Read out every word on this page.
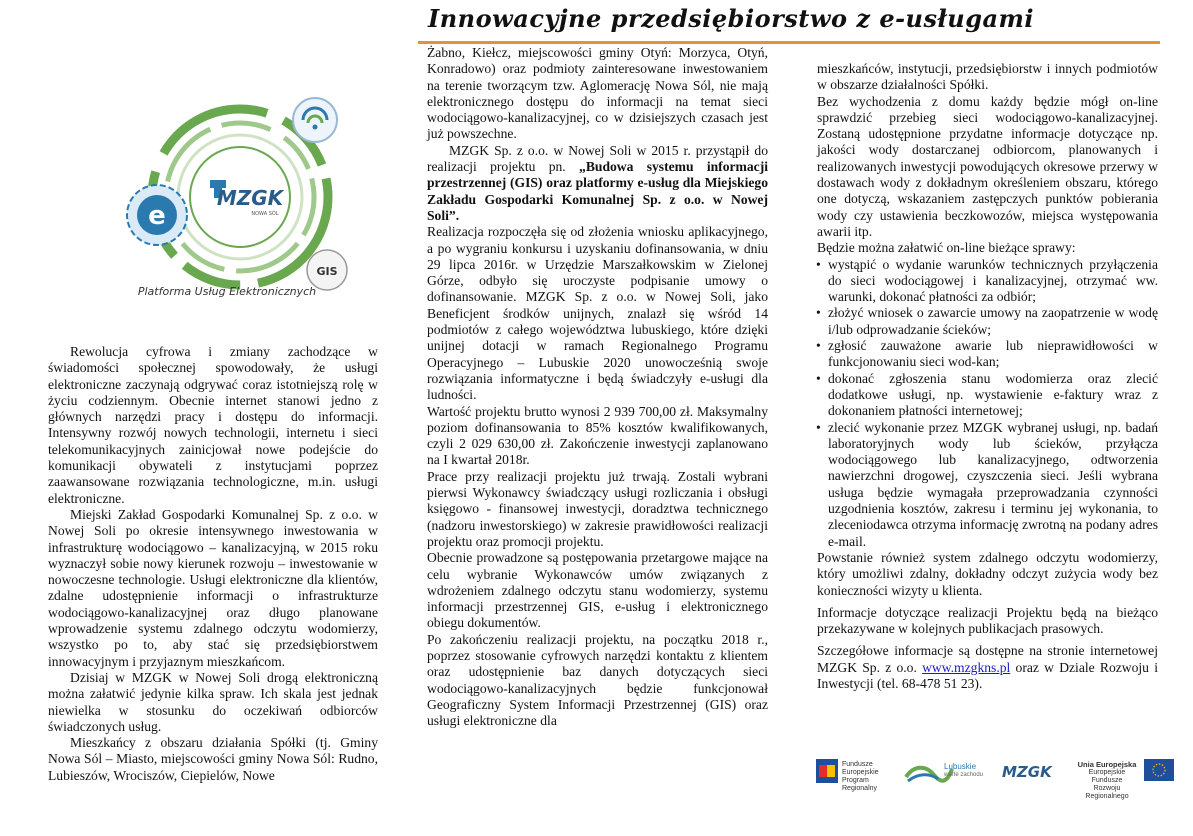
Innowacyjne przedsiębiorstwo z e-usługami
e
GIS
MZGK
NOWA SÓL
Platforma Usług Elektronicznych

Rewolucja cyfrowa i zmiany zachodzące w świadomości społecznej spowodowały, że usługi elektroniczne zaczynają odgrywać coraz istotniejszą rolę w życiu codziennym. Obecnie internet stanowi jedno z głównych narzędzi pracy i dostępu do informacji. Intensywny rozwój nowych technologii, internetu i sieci telekomunikacyjnych zainicjował nowe podejście do komunikacji obywateli z instytucjami poprzez zaawansowane rozwiązania technologiczne, m.in. usługi elektroniczne.

Miejski Zakład Gospodarki Komunalnej Sp. z o.o. w Nowej Soli po okresie intensywnego inwestowania w infrastrukturę wodociągowo – kanalizacyjną, w 2015 roku wyznaczył sobie nowy kierunek rozwoju – inwestowanie w nowoczesne technologie. Usługi elektroniczne dla klientów, zdalne udostępnienie informacji o infrastrukturze wodociągowo-kanalizacyjnej oraz długo planowane wprowadzenie systemu zdalnego odczytu wodomierzy, wszystko po to, aby stać się przedsiębiorstwem innowacyjnym i przyjaznym mieszkańcom.

Dzisiaj w MZGK w Nowej Soli drogą elektroniczną można załatwić jedynie kilka spraw. Ich skala jest jednak niewielka w stosunku do oczekiwań odbiorców świadczonych usług.

Mieszkańcy z obszaru działania Spółki (tj. Gminy Nowa Sól – Miasto, miejscowości gminy Nowa Sól: Rudno, Lubieszów, Wrociszów, Ciepielów, Nowe

Żabno, Kiełcz, miejscowości gminy Otyń: Morzyca, Otyń, Konradowo) oraz podmioty zainteresowane inwestowaniem na terenie tworzącym tzw. Aglomerację Nowa Sól, nie mają elektronicznego dostępu do informacji na temat sieci wodociągowo-kanalizacyjnej, co w dzisiejszych czasach jest już powszechne.

MZGK Sp. z o.o. w Nowej Soli w 2015 r. przystąpił do realizacji projektu pn. „Budowa systemu informacji przestrzennej (GIS) oraz platformy e-usług dla Miejskiego Zakładu Gospodarki Komunalnej Sp. z o.o. w Nowej Soli”.

Realizacja rozpoczęła się od złożenia wniosku aplikacyjnego, a po wygraniu konkursu i uzyskaniu dofinansowania, w dniu 29 lipca 2016r. w Urzędzie Marszałkowskim w Zielonej Górze, odbyło się uroczyste podpisanie umowy o dofinansowanie. MZGK Sp. z o.o. w Nowej Soli, jako Beneficjent środków unijnych, znalazł się wśród 14 podmiotów z całego województwa lubuskiego, które dzięki unijnej dotacji w ramach Regionalnego Programu Operacyjnego – Lubuskie 2020 unowocześnią swoje rozwiązania informatyczne i będą świadczyły e-usługi dla ludności.

Wartość projektu brutto wynosi 2 939 700,00 zł. Maksymalny poziom dofinansowania to 85% kosztów kwalifikowanych, czyli 2 029 630,00 zł. Zakończenie inwestycji zaplanowano na I kwartał 2018r.

Prace przy realizacji projektu już trwają. Zostali wybrani pierwsi Wykonawcy świadczący usługi rozliczania i obsługi księgowo - finansowej inwestycji, doradztwa technicznego (nadzoru inwestorskiego) w zakresie prawidłowości realizacji projektu oraz promocji projektu.

Obecnie prowadzone są postępowania przetargowe mające na celu wybranie Wykonawców umów związanych z wdrożeniem zdalnego odczytu stanu wodomierzy, systemu informacji przestrzennej GIS, e-usług i elektronicznego obiegu dokumentów.

Po zakończeniu realizacji projektu, na początku 2018 r., poprzez stosowanie cyfrowych narzędzi kontaktu z klientem oraz udostępnienie baz danych dotyczących sieci wodociągowo-kanalizacyjnych będzie funkcjonował Geograficzny System Informacji Przestrzennej (GIS) oraz usługi elektroniczne dla

mieszkańców, instytucji, przedsiębiorstw i innych podmiotów w obszarze działalności Spółki.

Bez wychodzenia z domu każdy będzie mógł on-line sprawdzić przebieg sieci wodociągowo-kanalizacyjnej. Zostaną udostępnione przydatne informacje dotyczące np. jakości wody dostarczanej odbiorcom, planowanych i realizowanych inwestycji powodujących okresowe przerwy w dostawach wody z dokładnym określeniem obszaru, którego one dotyczą, wskazaniem zastępczych punktów pobierania wody czy ustawienia beczkowozów, miejsca występowania awarii itp.

Będzie można załatwić on-line bieżące sprawy:

• wystąpić o wydanie warunków technicznych przyłączenia do sieci wodociągowej i kanalizacyjnej, otrzymać ww. warunki, dokonać płatności za odbiór;
• złożyć wniosek o zawarcie umowy na zaopatrzenie w wodę i/lub odprowadzanie ścieków;
• zgłosić zauważone awarie lub nieprawidłowości w funkcjonowaniu sieci wod-kan;
• dokonać zgłoszenia stanu wodomierza oraz zlecić dodatkowe usługi, np. wystawienie e-faktury wraz z dokonaniem płatności internetowej;
• zlecić wykonanie przez MZGK wybranej usługi, np. badań laboratoryjnych wody lub ścieków, przyłącza wodociągowego lub kanalizacyjnego, odtworzenia nawierzchni drogowej, czyszczenia sieci. Jeśli wybrana usługa będzie wymagała przeprowadzania czynności uzgodnienia kosztów, zakresu i terminu jej wykonania, to zleceniodawca otrzyma informację zwrotną na podany adres e-mail.

Powstanie również system zdalnego odczytu wodomierzy, który umożliwi zdalny, dokładny odczyt zużycia wody bez konieczności wizyty u klienta.

Informacje dotyczące realizacji Projektu będą na bieżąco przekazywane w kolejnych publikacjach prasowych.

Szczegółowe informacje są dostępne na stronie internetowej MZGK Sp. z o.o. www.mzgkns.pl oraz w Dziale Rozwoju i Inwestycji (tel. 68-478 51 23).

Fundusze
Europejskie
Program Regionalny
Lubuskie
warte zachodu MZGK	Unia Europejska
Europejskie Fundusze
Rozwoju Regionalnego
